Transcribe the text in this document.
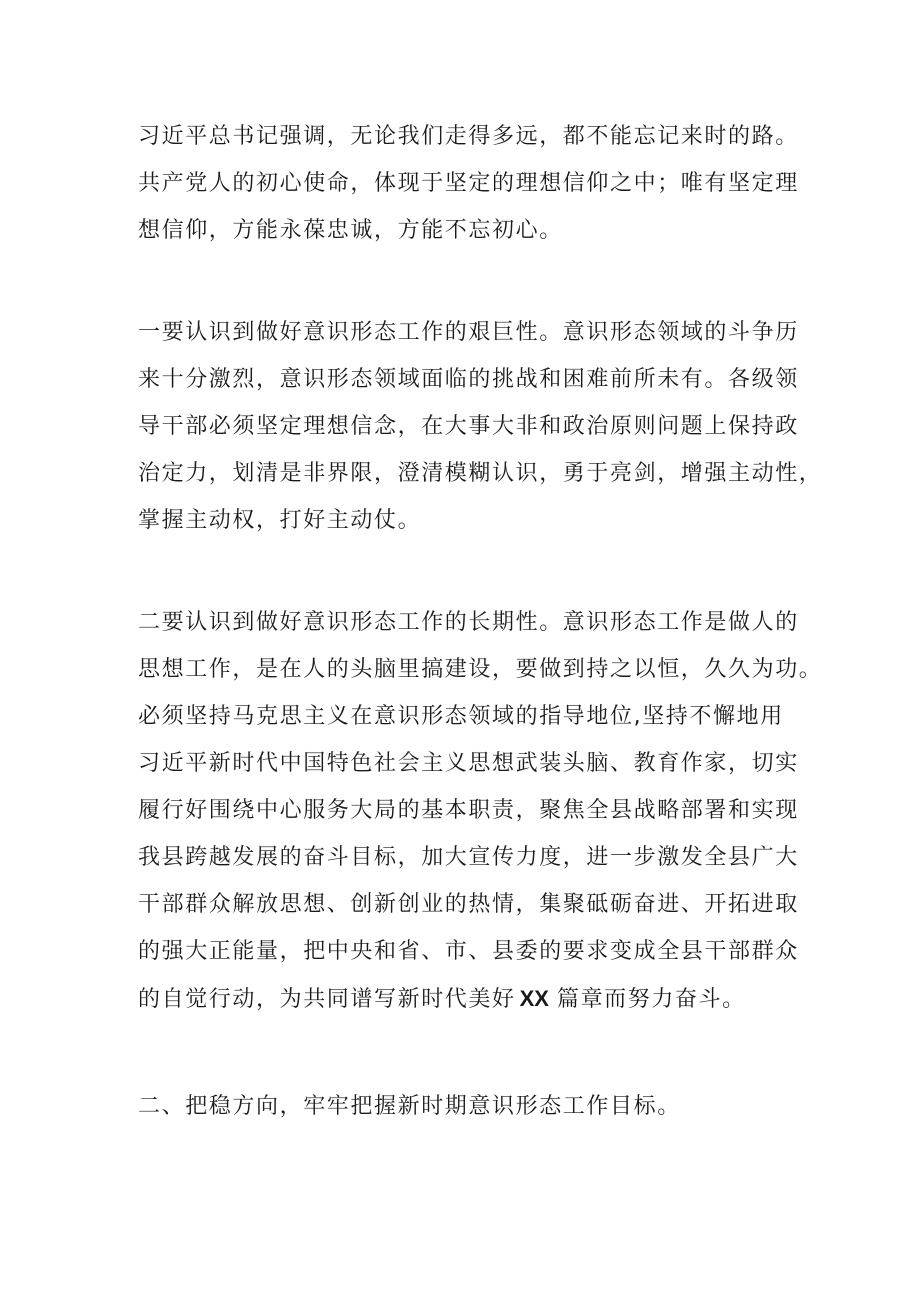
习近平总书记强调，无论我们走得多远，都不能忘记来时的路。
共产党人的初心使命，体现于坚定的理想信仰之中；唯有坚定理
想信仰，方能永葆忠诚，方能不忘初心。
一要认识到做好意识形态工作的艰巨性。意识形态领域的斗争历
来十分激烈，意识形态领域面临的挑战和困难前所未有。各级领
导干部必须坚定理想信念，在大事大非和政治原则问题上保持政
治定力，划清是非界限，澄清模糊认识，勇于亮剑，增强主动性，
掌握主动权，打好主动仗。
二要认识到做好意识形态工作的长期性。意识形态工作是做人的
思想工作，是在人的头脑里搞建设，要做到持之以恒，久久为功。
必须坚持马克思主义在意识形态领域的指导地位,坚持不懈地用
习近平新时代中国特色社会主义思想武装头脑、教育作家，切实
履行好围绕中心服务大局的基本职责，聚焦全县战略部署和实现
我县跨越发展的奋斗目标，加大宣传力度，进一步激发全县广大
干部群众解放思想、创新创业的热情，集聚砥砺奋进、开拓进取
的强大正能量，把中央和省、市、县委的要求变成全县干部群众
的自觉行动，为共同谱写新时代美好 XX 篇章而努力奋斗。
二、把稳方向，牢牢把握新时期意识形态工作目标。
